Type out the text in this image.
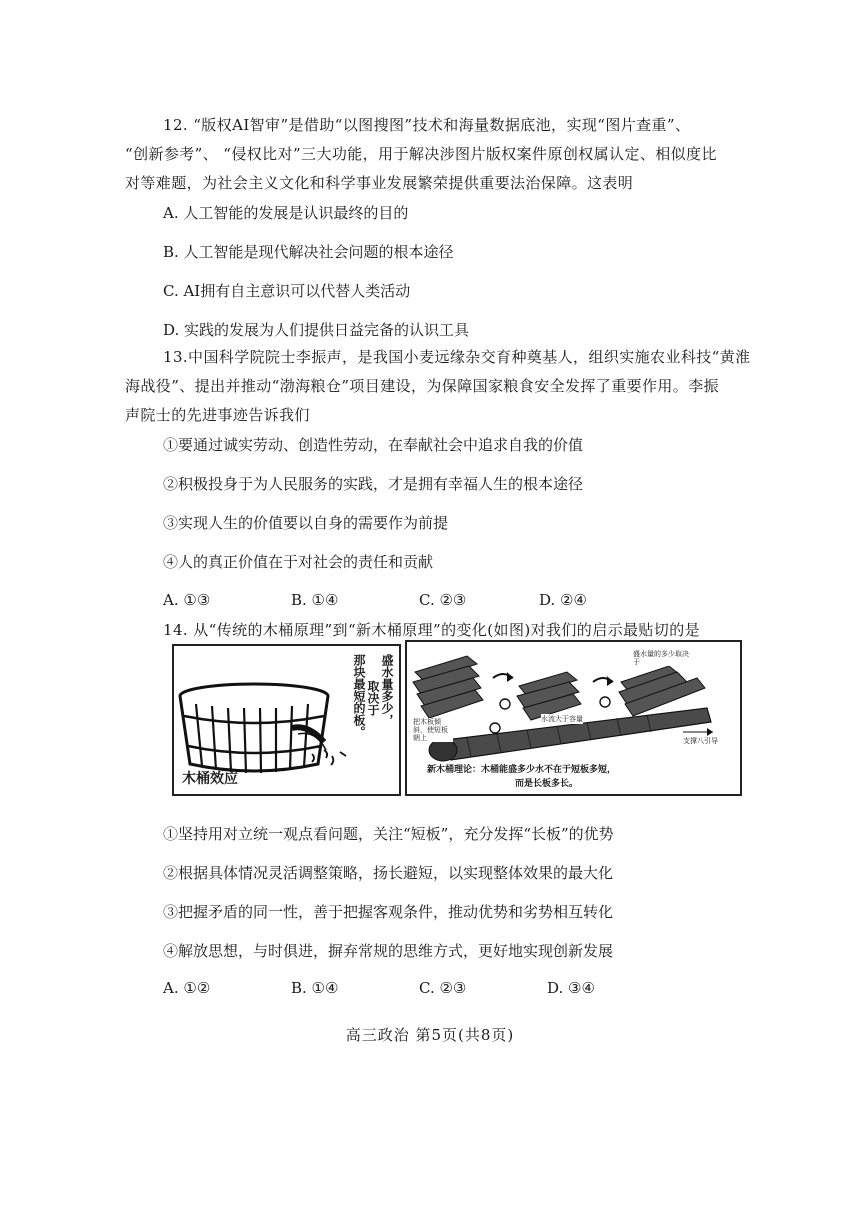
12. “版权AI智审”是借助“以图搜图”技术和海量数据底池，实现“图片查重”、
“创新参考”、 “侵权比对”三大功能，用于解决涉图片版权案件原创权属认定、相似度比
对等难题，为社会主义文化和科学事业发展繁荣提供重要法治保障。这表明
A. 人工智能的发展是认识最终的目的
B. 人工智能是现代解决社会问题的根本途径
C. AI拥有自主意识可以代替人类活动
D. 实践的发展为人们提供日益完备的认识工具
13.中国科学院院士李振声，是我国小麦远缘杂交育种奠基人，组织实施农业科技“黄淮
海战役”、提出并推动“渤海粮仓”项目建设，为保障国家粮食安全发挥了重要作用。李振
声院士的先进事迹告诉我们
①要通过诚实劳动、创造性劳动，在奉献社会中追求自我的价值
②积极投身于为人民服务的实践，才是拥有幸福人生的根本途径
③实现人生的价值要以自身的需要作为前提
④人的真正价值在于对社会的责任和贡献
A. ①③	B. ①④	C. ②③	D. ②④
14. 从“传统的木桶原理”到“新木桶原理”的变化(如图)对我们的启示最贴切的是
木桶效应
盛水量多少，
取决于
那块最短的板。	盛水量的多少取决于
把木板倾斜，使短板朝上
水流大于容量
支撑八引导
新木桶理论：木桶能盛多少水不在于短板多短，
而是长板多长。
①坚持用对立统一观点看问题，关注“短板”，充分发挥“长板”的优势
②根据具体情况灵活调整策略，扬长避短，以实现整体效果的最大化
③把握矛盾的同一性，善于把握客观条件，推动优势和劣势相互转化
④解放思想，与时俱进，摒弃常规的思维方式，更好地实现创新发展
A. ①②	B. ①④	C. ②③	D. ③④
高三政治 第5页(共8页)
